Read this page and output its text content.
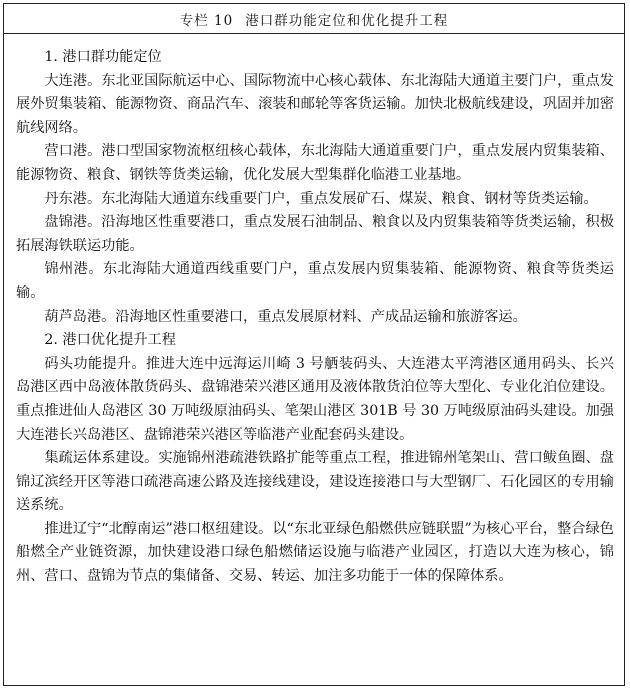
专栏 10 港口群功能定位和优化提升工程

1. 港口群功能定位

大连港。东北亚国际航运中心、国际物流中心核心载体、东北海陆大通道主要门户，重点发展外贸集装箱、能源物资、商品汽车、滚装和邮轮等客货运输。加快北极航线建设，巩固并加密航线网络。

营口港。港口型国家物流枢纽核心载体，东北海陆大通道重要门户，重点发展内贸集装箱、能源物资、粮食、钢铁等货类运输，优化发展大型集群化临港工业基地。

丹东港。东北海陆大通道东线重要门户，重点发展矿石、煤炭、粮食、钢材等货类运输。

盘锦港。沿海地区性重要港口，重点发展石油制品、粮食以及内贸集装箱等货类运输，积极拓展海铁联运功能。

锦州港。东北海陆大通道西线重要门户，重点发展内贸集装箱、能源物资、粮食等货类运输。

葫芦岛港。沿海地区性重要港口，重点发展原材料、产成品运输和旅游客运。

2. 港口优化提升工程

码头功能提升。推进大连中远海运川崎 3 号舾装码头、大连港太平湾港区通用码头、长兴岛港区西中岛液体散货码头、盘锦港荣兴港区通用及液体散货泊位等大型化、专业化泊位建设。重点推进仙人岛港区 30 万吨级原油码头、笔架山港区 301B 号 30 万吨级原油码头建设。加强大连港长兴岛港区、盘锦港荣兴港区等临港产业配套码头建设。

集疏运体系建设。实施锦州港疏港铁路扩能等重点工程，推进锦州笔架山、营口鲅鱼圈、盘锦辽滨经开区等港口疏港高速公路及连接线建设，建设连接港口与大型钢厂、石化园区的专用输送系统。

推进辽宁“北醇南运”港口枢纽建设。以“东北亚绿色船燃供应链联盟”为核心平台，整合绿色船燃全产业链资源，加快建设港口绿色船燃储运设施与临港产业园区，打造以大连为核心，锦州、营口、盘锦为节点的集储备、交易、转运、加注多功能于一体的保障体系。
